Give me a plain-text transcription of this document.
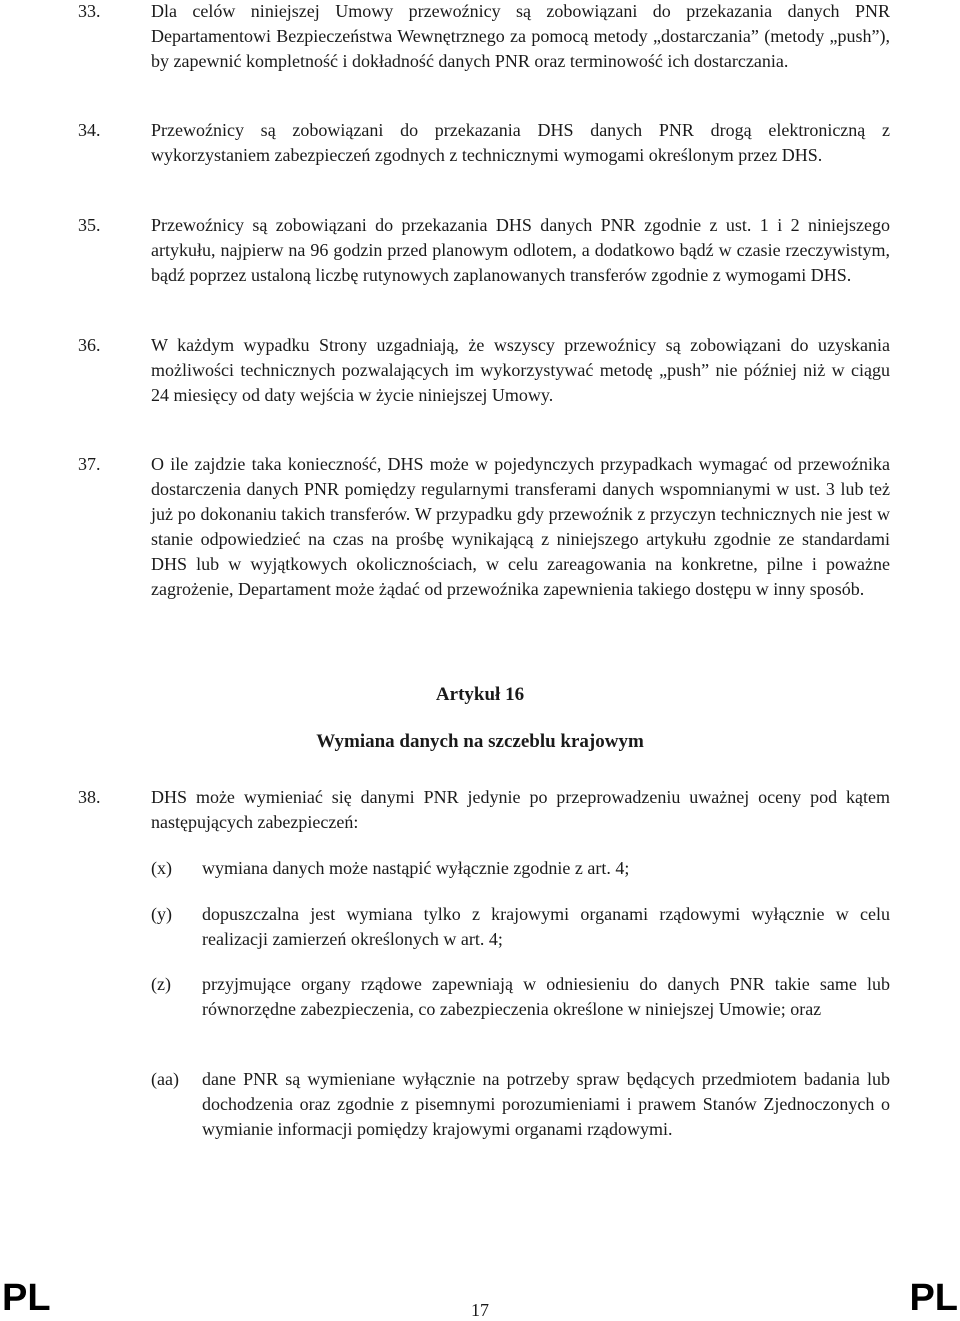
33.	Dla celów niniejszej Umowy przewoźnicy są zobowiązani do przekazania danych PNR Departamentowi Bezpieczeństwa Wewnętrznego za pomocą metody „dostarczania” (metody „push”), by zapewnić kompletność i dokładność danych PNR oraz terminowość ich dostarczania.
34.	Przewoźnicy są zobowiązani do przekazania DHS danych PNR drogą elektroniczną z wykorzystaniem zabezpieczeń zgodnych z technicznymi wymogami określonym przez DHS.
35.	Przewoźnicy są zobowiązani do przekazania DHS danych PNR zgodnie z ust. 1 i 2 niniejszego artykułu, najpierw na 96 godzin przed planowym odlotem, a dodatkowo bądź w czasie rzeczywistym, bądź poprzez ustaloną liczbę rutynowych zaplanowanych transferów zgodnie z wymogami DHS.
36.	W każdym wypadku Strony uzgadniają, że wszyscy przewoźnicy są zobowiązani do uzyskania możliwości technicznych pozwalających im wykorzystywać metodę „push” nie później niż w ciągu 24 miesięcy od daty wejścia w życie niniejszej Umowy.
37.	O ile zajdzie taka konieczność, DHS może w pojedynczych przypadkach wymagać od przewoźnika dostarczenia danych PNR pomiędzy regularnymi transferami danych wspomnianymi w ust. 3 lub też już po dokonaniu takich transferów. W przypadku gdy przewoźnik z przyczyn technicznych nie jest w stanie odpowiedzieć na czas na prośbę wynikającą z niniejszego artykułu zgodnie ze standardami DHS lub w wyjątkowych okolicznościach, w celu zareagowania na konkretne, pilne i poważne zagrożenie, Departament może żądać od przewoźnika zapewnienia takiego dostępu w inny sposób.
Artykuł 16
Wymiana danych na szczeblu krajowym
38.	DHS może wymieniać się danymi PNR jedynie po przeprowadzeniu uważnej oceny pod kątem następujących zabezpieczeń:
(x)	wymiana danych może nastąpić wyłącznie zgodnie z art. 4;
(y)	dopuszczalna jest wymiana tylko z krajowymi organami rządowymi wyłącznie w celu realizacji zamierzeń określonych w art. 4;
(z)	przyjmujące organy rządowe zapewniają w odniesieniu do danych PNR takie same lub równorzędne zabezpieczenia, co zabezpieczenia określone w niniejszej Umowie; oraz
(aa)	dane PNR są wymieniane wyłącznie na potrzeby spraw będących przedmiotem badania lub dochodzenia oraz zgodnie z pisemnymi porozumieniami i prawem Stanów Zjednoczonych o wymianie informacji pomiędzy krajowymi organami rządowymi.
PL	17	PL
